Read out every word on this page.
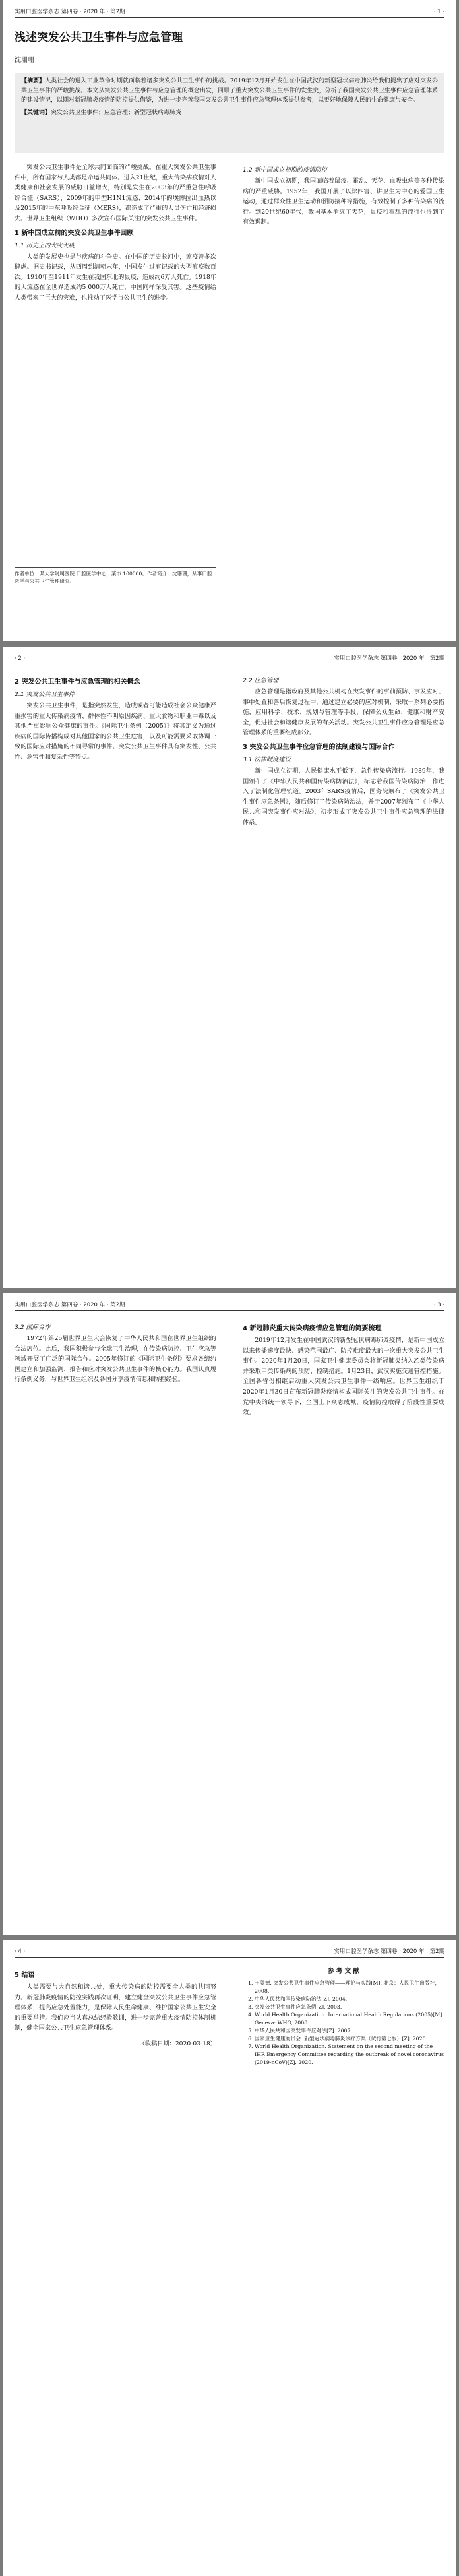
实用口腔医学杂志 第四卷 · 2020 年 · 第2期	· 1 ·
浅述突发公共卫生事件与应急管理
沈珊珊
【摘要】人类社会的进入工业革命时期就面临着诸多突发公共卫生事件的挑战。2019年12月开始发生在中国武汉的新型冠状病毒肺炎给我们提出了应对突发公共卫生事件的严峻挑战。本文从突发公共卫生事件与应急管理的概念出发，回顾了重大突发公共卫生事件的发生史，分析了我国突发公共卫生事件应急管理体系的建设情况，以期对新冠肺炎疫情的防控提供借鉴，为进一步完善我国突发公共卫生事件应急管理体系提供参考，以更好地保障人民的生命健康与安全。
【关键词】突发公共卫生事件；应急管理；新型冠状病毒肺炎

突发公共卫生事件是全球共同面临的严峻挑战。在重大突发公共卫生事件中，所有国家与人类都是命运共同体。进入21世纪，重大传染病疫情对人类健康和社会发展的威胁日益增大，特别是发生在2003年的严重急性呼吸综合征（SARS）、2009年的甲型H1N1流感、2014年的埃博拉出血热以及2015年的中东呼吸综合征（MERS），都造成了严重的人员伤亡和经济损失。世界卫生组织（WHO）多次宣布国际关注的突发公共卫生事件。

1 新中国成立前的突发公共卫生事件回顾
1.1 历史上的大灾大疫

人类的发展史也是与疾病的斗争史。在中国的历史长河中，瘟疫曾多次肆虐。据史书记载，从西周到清朝末年，中国发生过有记载的大型瘟疫数百次。1910年至1911年发生在我国东北的鼠疫，造成约6万人死亡。1918年的大流感在全世界造成约5 000万人死亡，中国同样深受其害。这些疫情给人类带来了巨大的灾难，也推动了医学与公共卫生的进步。

1.2 新中国成立初期的疫情防控

新中国成立初期，我国面临着鼠疫、霍乱、天花、血吸虫病等多种传染病的严重威胁。1952年，我国开展了以除四害、讲卫生为中心的爱国卫生运动，通过群众性卫生运动和预防接种等措施，有效控制了多种传染病的流行。到20世纪60年代，我国基本消灭了天花，鼠疫和霍乱的流行也得到了有效遏制。

作者单位：某大学附属医院 口腔医学中心，某市 100000。作者简介：沈珊珊，从事口腔医学与公共卫生管理研究。
· 2 ·	实用口腔医学杂志 第四卷 · 2020 年 · 第2期
2 突发公共卫生事件与应急管理的相关概念
2.1 突发公共卫生事件

突发公共卫生事件，是指突然发生，造成或者可能造成社会公众健康严重损害的重大传染病疫情、群体性不明原因疾病、重大食物和职业中毒以及其他严重影响公众健康的事件。《国际卫生条例（2005）》将其定义为通过疾病的国际传播构成对其他国家的公共卫生危害，以及可能需要采取协调一致的国际应对措施的不同寻常的事件。突发公共卫生事件具有突发性、公共性、危害性和复杂性等特点。

2.2 应急管理

应急管理是指政府及其他公共机构在突发事件的事前预防、事发应对、事中处置和善后恢复过程中，通过建立必要的应对机制，采取一系列必要措施，应用科学、技术、规划与管理等手段，保障公众生命、健康和财产安全，促进社会和谐健康发展的有关活动。突发公共卫生事件应急管理是应急管理体系的重要组成部分。

3 突发公共卫生事件应急管理的法制建设与国际合作
3.1 法律制度建设

新中国成立初期，人民健康水平低下，急性传染病流行。1989年，我国颁布了《中华人民共和国传染病防治法》，标志着我国传染病防治工作进入了法制化管理轨道。2003年SARS疫情后，国务院颁布了《突发公共卫生事件应急条例》，随后修订了传染病防治法，并于2007年颁布了《中华人民共和国突发事件应对法》，初步形成了突发公共卫生事件应急管理的法律体系。

实用口腔医学杂志 第四卷 · 2020 年 · 第2期	· 3 ·
3.2 国际合作

1972年第25届世界卫生大会恢复了中华人民共和国在世界卫生组织的合法席位。此后，我国积极参与全球卫生治理，在传染病防控、卫生应急等领域开展了广泛的国际合作。2005年修订的《国际卫生条例》要求各缔约国建立和加强监测、报告和应对突发公共卫生事件的核心能力。我国认真履行条例义务，与世界卫生组织及各国分享疫情信息和防控经验。

4 新冠肺炎重大传染病疫情应急管理的简要梳理

2019年12月发生在中国武汉的新型冠状病毒肺炎疫情，是新中国成立以来传播速度最快、感染范围最广、防控难度最大的一次重大突发公共卫生事件。2020年1月20日，国家卫生健康委员会将新冠肺炎纳入乙类传染病并采取甲类传染病的预防、控制措施。1月23日，武汉实施交通管控措施。全国各省份相继启动重大突发公共卫生事件一级响应。世界卫生组织于2020年1月30日宣布新冠肺炎疫情构成国际关注的突发公共卫生事件。在党中央的统一领导下，全国上下众志成城，疫情防控取得了阶段性重要成效。

· 4 ·	实用口腔医学杂志 第四卷 · 2020 年 · 第2期
5 结语

人类需要与大自然和谐共处，重大传染病的防控需要全人类的共同努力。新冠肺炎疫情的防控实践再次证明，建立健全突发公共卫生事件应急管理体系，提高应急处置能力，是保障人民生命健康、维护国家公共卫生安全的重要举措。我们应当认真总结经验教训，进一步完善重大疫情防控体制机制，健全国家公共卫生应急管理体系。

（收稿日期：2020-03-18）

参 考 文 献
1. 王陇德. 突发公共卫生事件应急管理——理论与实践[M]. 北京：人民卫生出版社，2008.
2. 中华人民共和国传染病防治法[Z]. 2004.
3. 突发公共卫生事件应急条例[Z]. 2003.
4. World Health Organization. International Health Regulations (2005)[M]. Geneva: WHO, 2008.
5. 中华人民共和国突发事件应对法[Z]. 2007.
6. 国家卫生健康委员会. 新型冠状病毒肺炎诊疗方案（试行第七版）[Z]. 2020.
7. World Health Organization. Statement on the second meeting of the IHR Emergency Committee regarding the outbreak of novel coronavirus (2019-nCoV)[Z]. 2020.
